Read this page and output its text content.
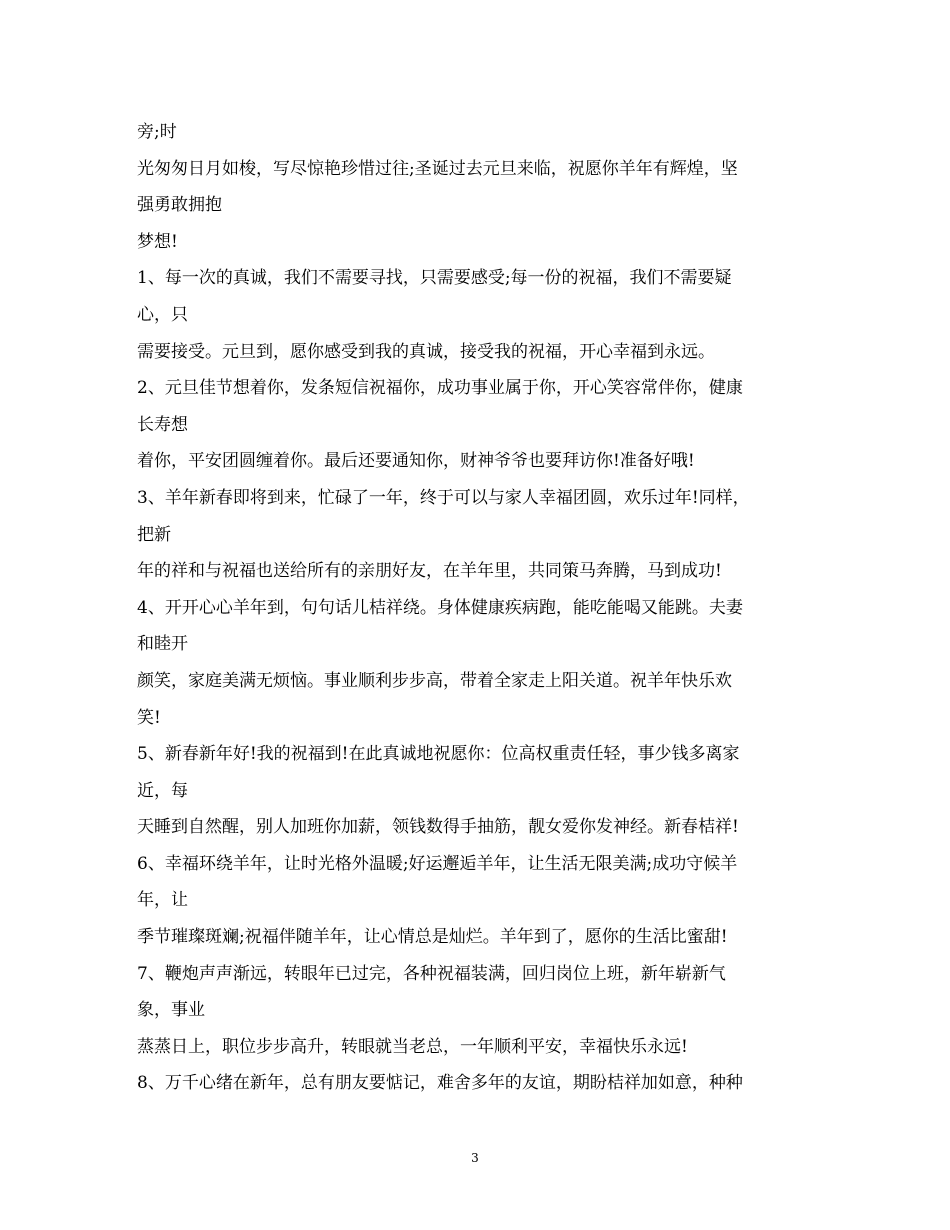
旁;时
光匆匆日月如梭，写尽惊艳珍惜过往;圣诞过去元旦来临，祝愿你羊年有辉煌，坚
强勇敢拥抱
梦想!
1、每一次的真诚，我们不需要寻找，只需要感受;每一份的祝福，我们不需要疑
心，只
需要接受。元旦到，愿你感受到我的真诚，接受我的祝福，开心幸福到永远。
2、元旦佳节想着你，发条短信祝福你，成功事业属于你，开心笑容常伴你，健康
长寿想
着你，平安团圆缠着你。最后还要通知你，财神爷爷也要拜访你!准备好哦!
3、羊年新春即将到来，忙碌了一年，终于可以与家人幸福团圆，欢乐过年!同样，
把新
年的祥和与祝福也送给所有的亲朋好友，在羊年里，共同策马奔腾，马到成功!
4、开开心心羊年到，句句话儿桔祥绕。身体健康疾病跑，能吃能喝又能跳。夫妻
和睦开
颜笑，家庭美满无烦恼。事业顺利步步高，带着全家走上阳关道。祝羊年快乐欢
笑!
5、新春新年好!我的祝福到!在此真诚地祝愿你：位高权重责任轻，事少钱多离家
近，每
天睡到自然醒，别人加班你加薪，领钱数得手抽筋，靓女爱你发神经。新春桔祥!
6、幸福环绕羊年，让时光格外温暖;好运邂逅羊年，让生活无限美满;成功守候羊
年，让
季节璀璨斑斓;祝福伴随羊年，让心情总是灿烂。羊年到了，愿你的生活比蜜甜!
7、鞭炮声声渐远，转眼年已过完，各种祝福装满，回归岗位上班，新年崭新气
象，事业
蒸蒸日上，职位步步高升，转眼就当老总，一年顺利平安，幸福快乐永远!
8、万千心绪在新年，总有朋友要惦记，难舍多年的友谊，期盼桔祥加如意，种种
3
